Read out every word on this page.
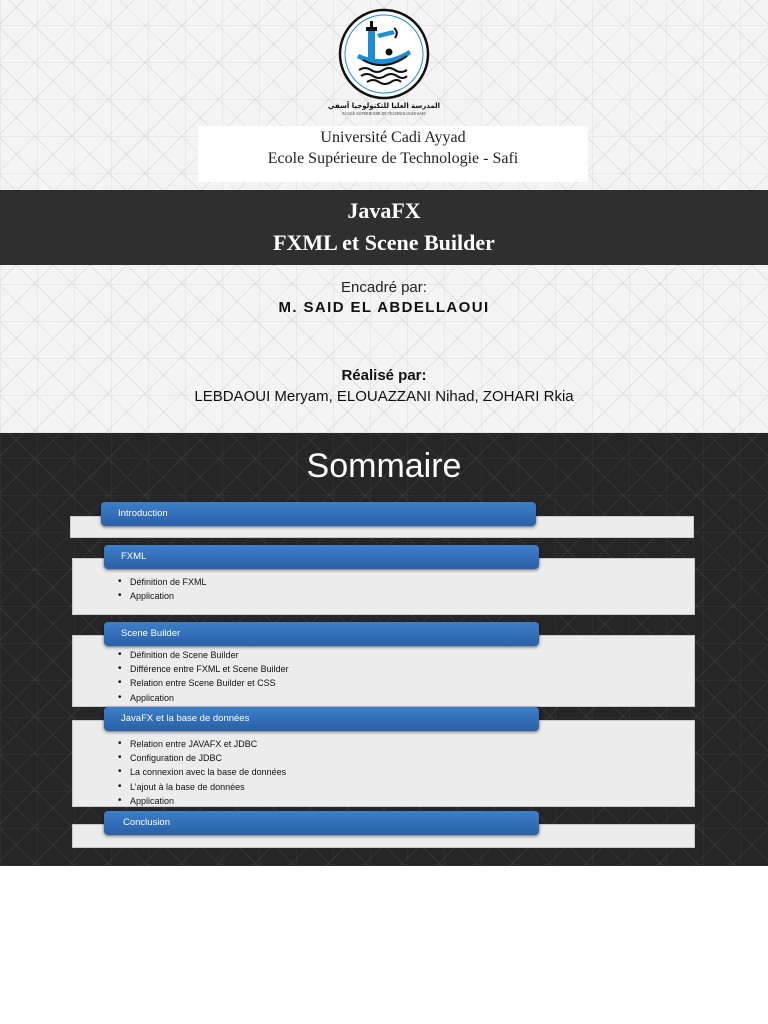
المدرسة العليا للتكنولوجيا آسفي
ECOLE SUPERIEURE DE TECHNOLOGIE SAFI
Université Cadi Ayyad
Ecole Supérieure de Technologie - Safi
JavaFX
FXML et Scene Builder
Encadré par:
M. SAID EL ABDELLAOUI
Réalisé par:
LEBDAOUI Meryam, ELOUAZZANI Nihad, ZOHARI Rkia
Sommaire
Introduction
FXML
• Définition de FXML
• Application
Scene Builder
• Définition de Scene Builder
• Différence entre FXML et Scene Builder
• Relation entre Scene Builder et CSS
• Application
JavaFX et la base de données
• Relation entre JAVAFX et JDBC
• Configuration de JDBC
• La connexion avec la base de données
• L’ajout à la base de données
• Application
Conclusion
